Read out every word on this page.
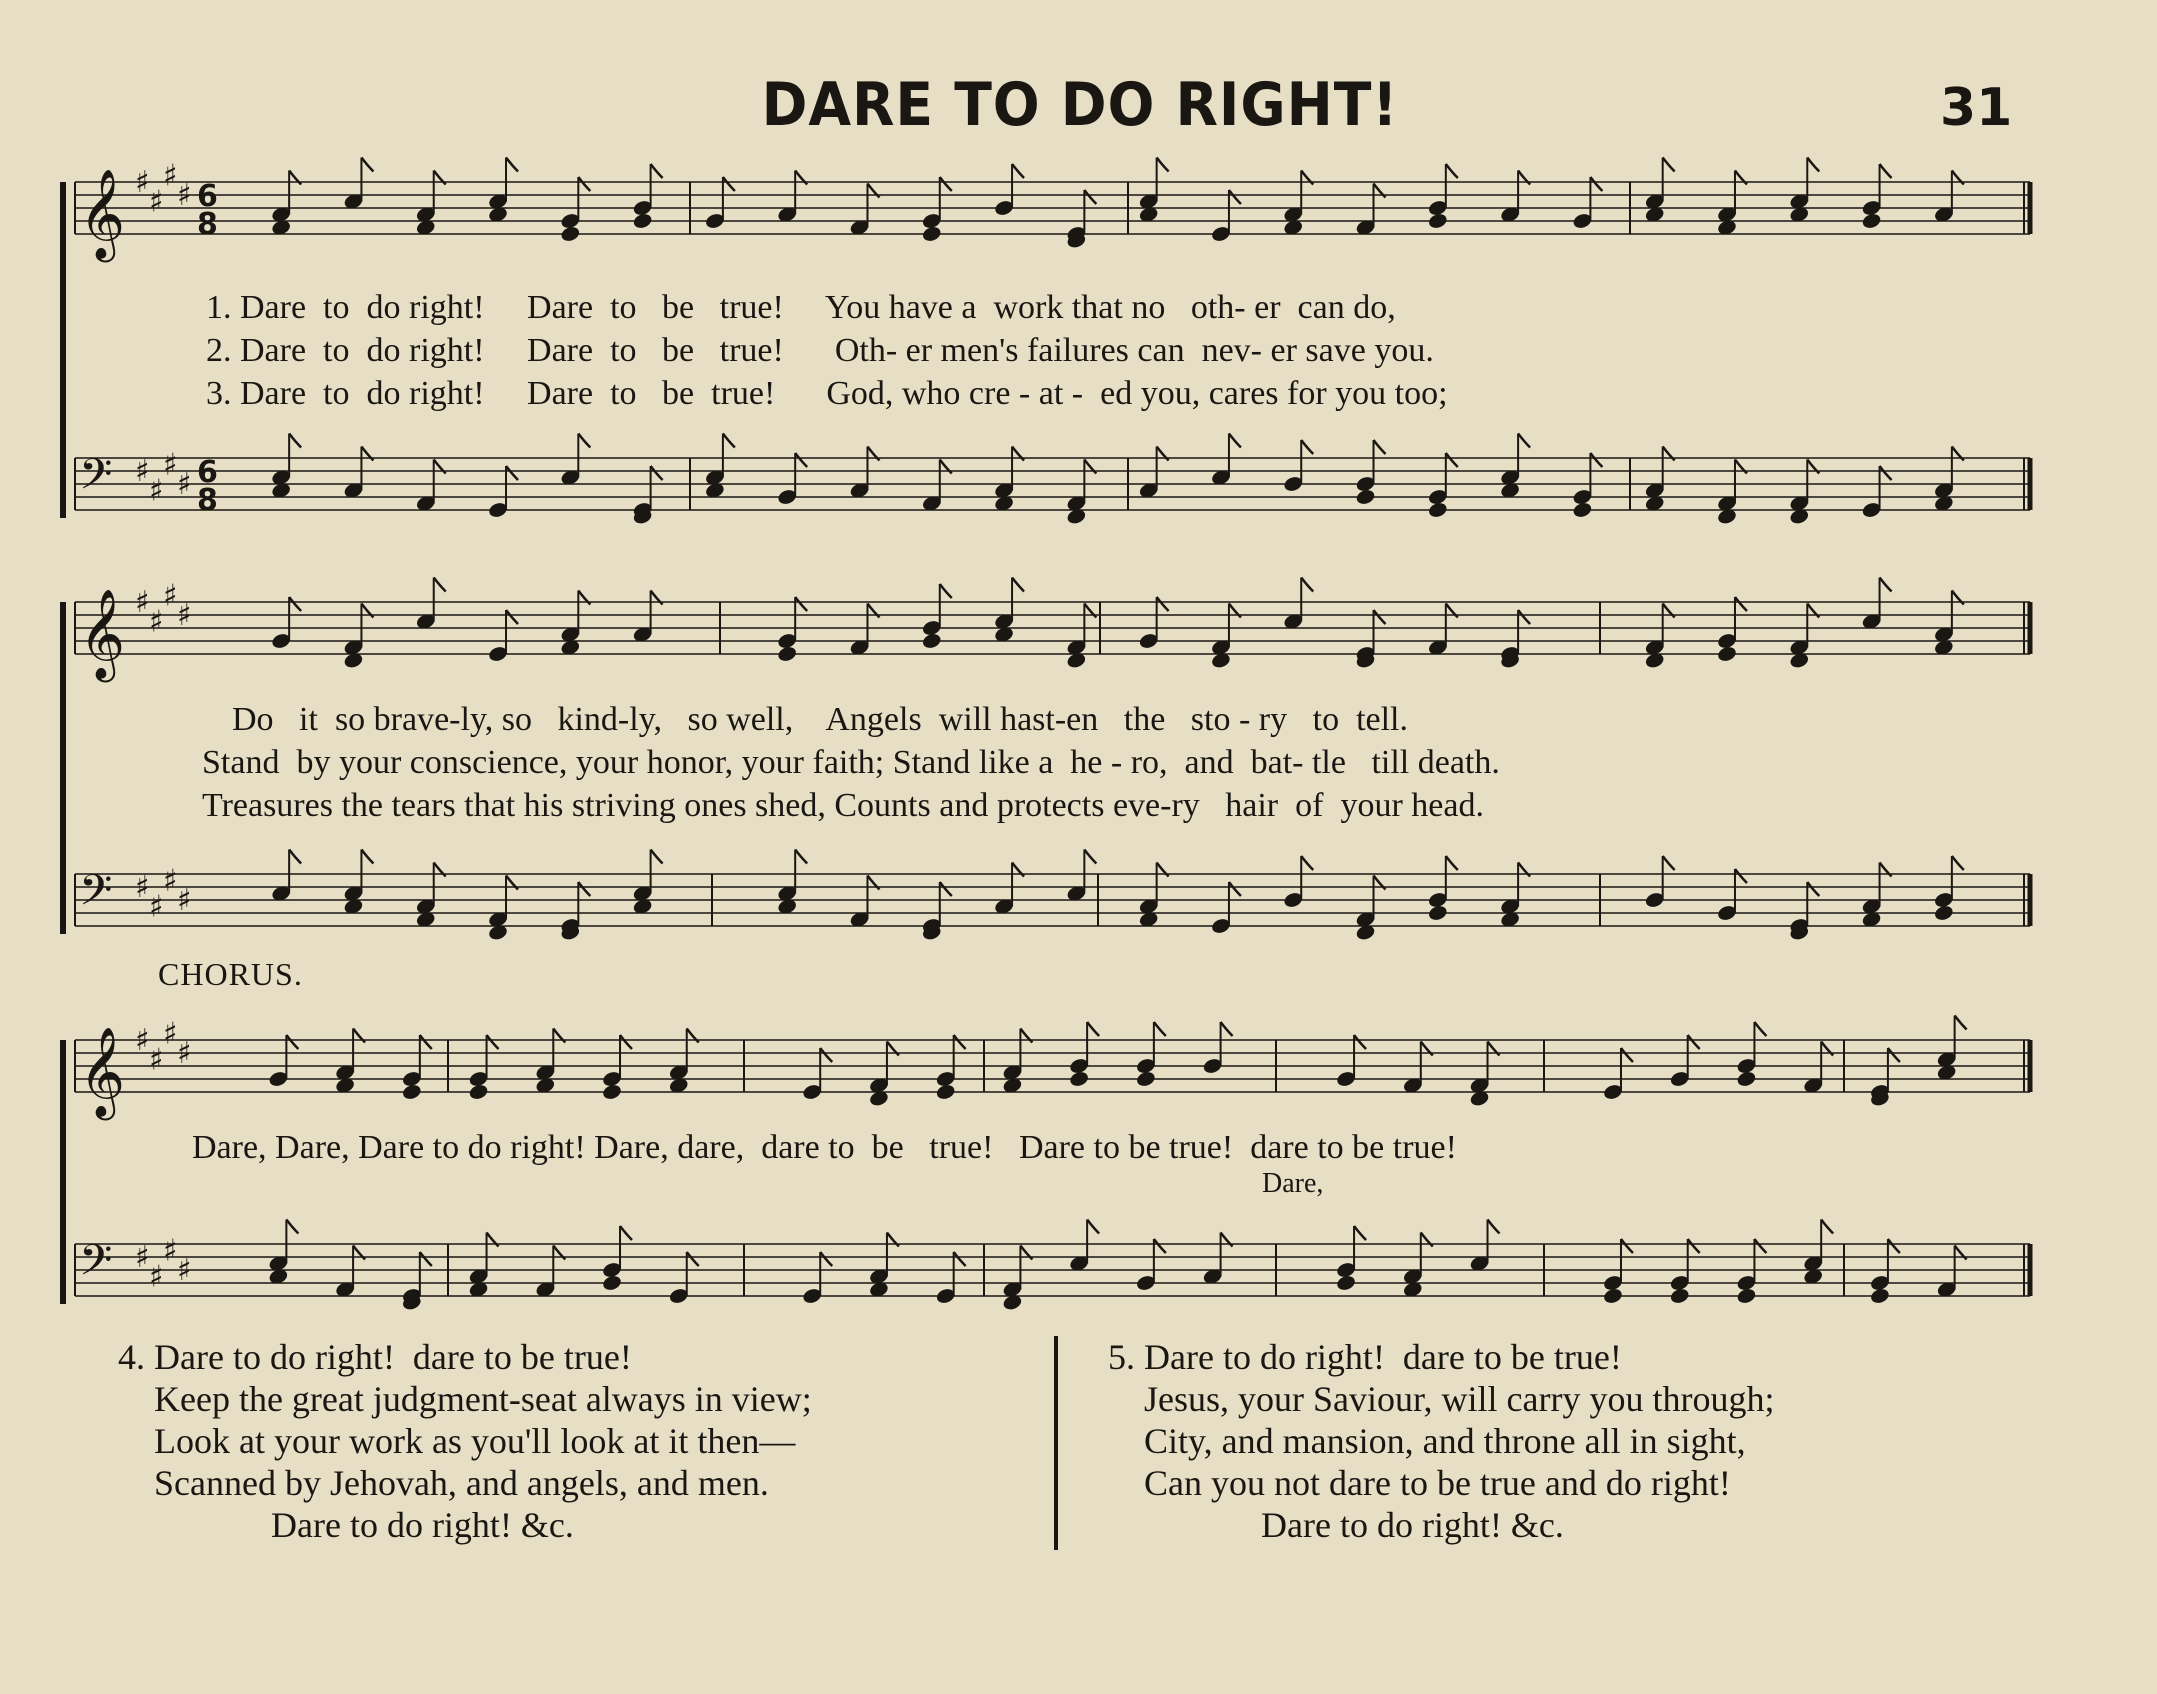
DARE TO DO RIGHT!	31
𝄞 ♯
♯
♯
♯ 6
8
𝄢 ♯
♯
♯
♯ 6
8
1. Dare  to  do right!     Dare  to   be   true!     You have a  work that no   oth- er  can do,
2. Dare  to  do right!     Dare  to   be   true!      Oth- er men's failures can  nev- er save you.
3. Dare  to  do right!     Dare  to   be  true!      God, who cre - at -  ed you, cares for you too;
𝄞 ♯
♯
♯
♯
𝄢 ♯
♯
♯
♯
Do   it  so brave-ly, so   kind-ly,   so well,    Angels  will hast-en   the   sto - ry   to  tell.
Stand  by your conscience, your honor, your faith; Stand like a  he - ro,  and  bat- tle   till death.
Treasures the tears that his striving ones shed, Counts and protects eve-ry   hair  of  your head.
CHORUS.
𝄞 ♯
♯
♯
♯
𝄢 ♯
♯
♯
♯
Dare, Dare, Dare to do right! Dare, dare,  dare to  be   true!   Dare to be true!  dare to be true!
Dare,
4. Dare to do right!  dare to be true!
Keep the great judgment-seat always in view;
Look at your work as you'll look at it then—
Scanned by Jehovah, and angels, and men.
Dare to do right! &c.
5. Dare to do right!  dare to be true!
Jesus, your Saviour, will carry you through;
City, and mansion, and throne all in sight,
Can you not dare to be true and do right!
Dare to do right! &c.
